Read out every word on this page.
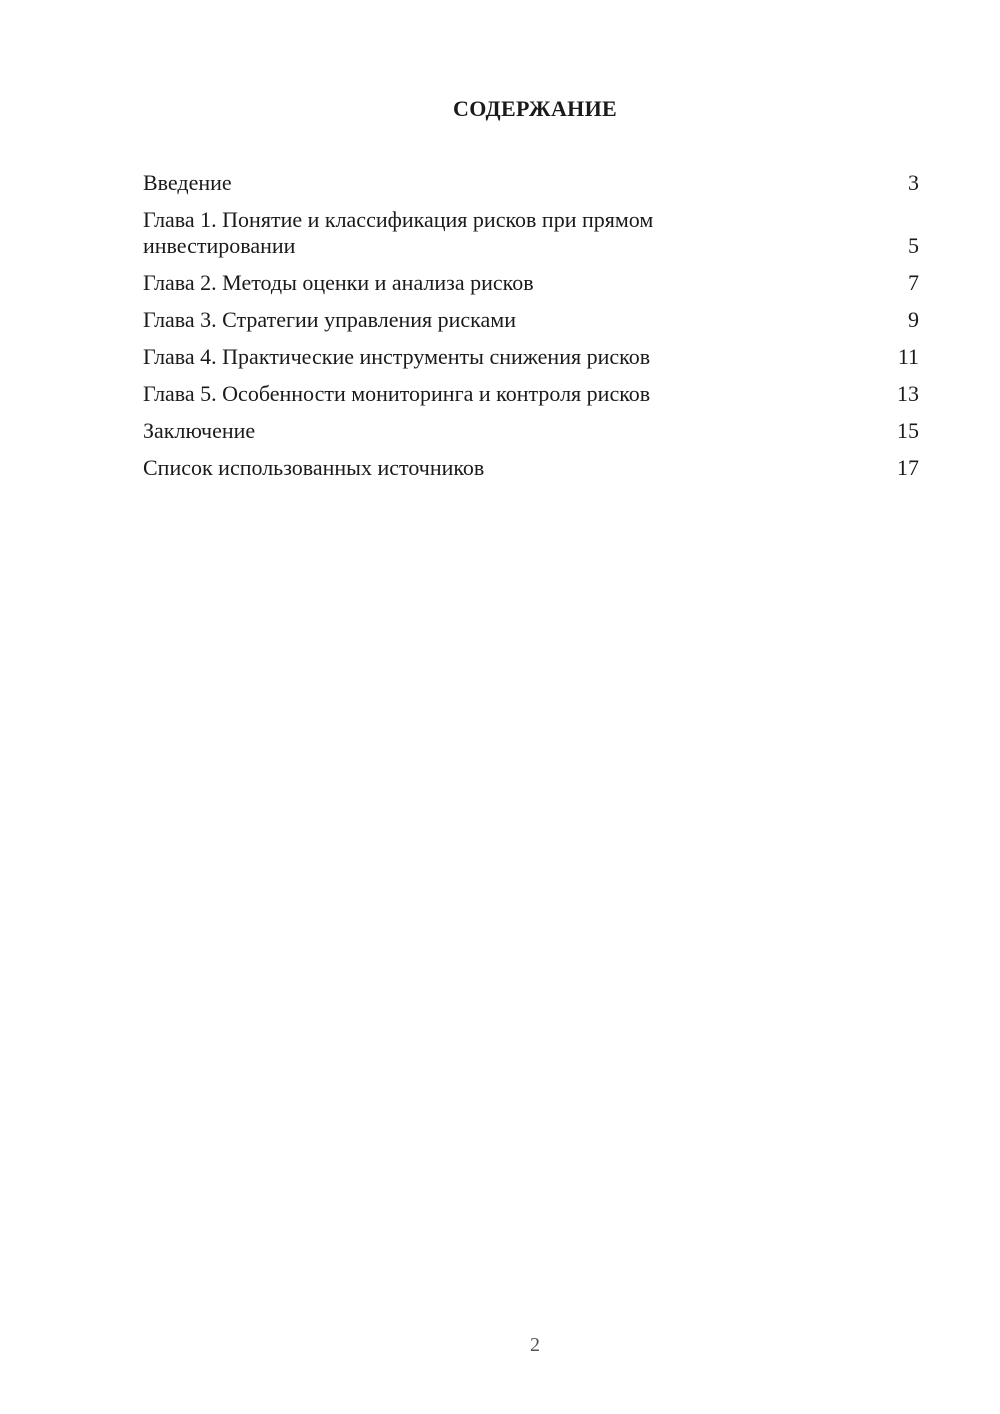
СОДЕРЖАНИЕ
Введение	3
Глава 1. Понятие и классификация рисков при прямом инвестировании	5
Глава 2. Методы оценки и анализа рисков	7
Глава 3. Стратегии управления рисками	9
Глава 4. Практические инструменты снижения рисков	11
Глава 5. Особенности мониторинга и контроля рисков	13
Заключение	15
Список использованных источников	17
2
